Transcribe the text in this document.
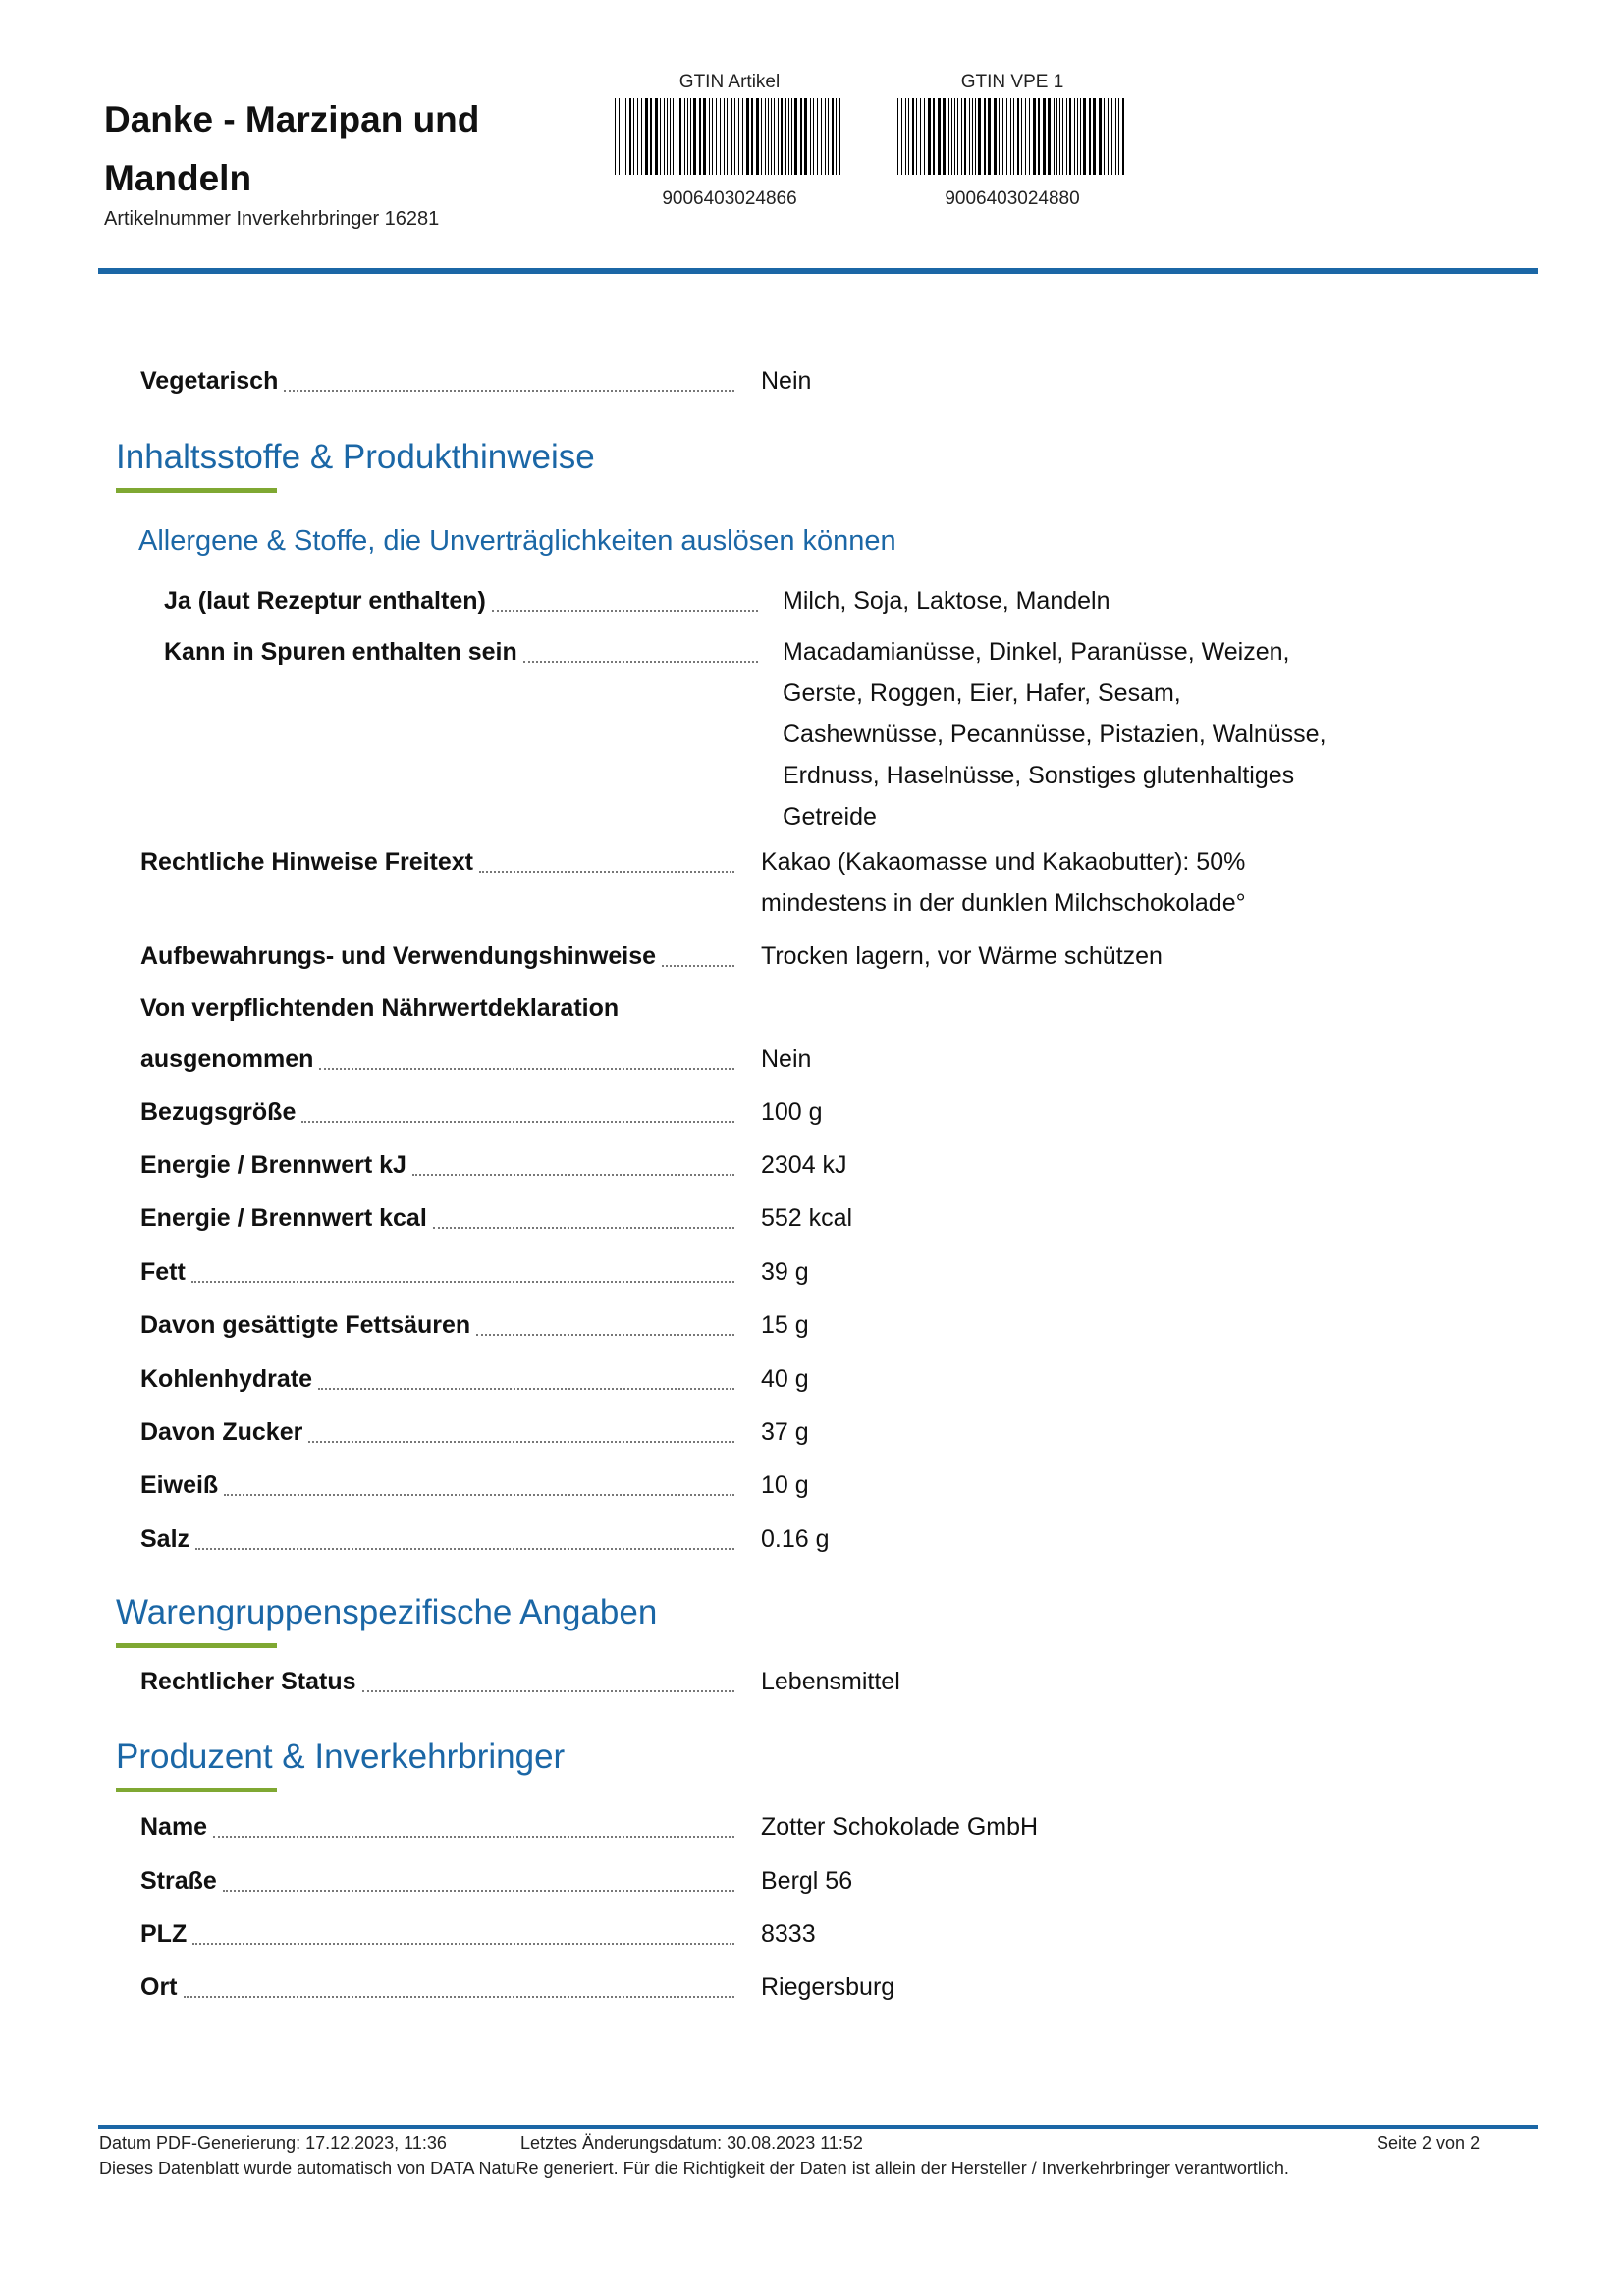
Danke - Marzipan und Mandeln
Artikelnummer Inverkehrbringer 16281
GTIN Artikel
9006403024866
GTIN VPE 1
9006403024880
Vegetarisch	Nein
Inhaltsstoffe & Produkthinweise
Allergene & Stoffe, die Unverträglichkeiten auslösen können
Ja (laut Rezeptur enthalten)	Milch, Soja, Laktose, Mandeln
Kann in Spuren enthalten sein	Macadamianüsse, Dinkel, Paranüsse, Weizen, Gerste, Roggen, Eier, Hafer, Sesam, Cashewnüsse, Pecannüsse, Pistazien, Walnüsse, Erdnuss, Haselnüsse, Sonstiges glutenhaltiges Getreide
Rechtliche Hinweise Freitext	Kakao (Kakaomasse und Kakaobutter): 50% mindestens in der dunklen Milchschokolade°
Aufbewahrungs- und Verwendungshinweise	Trocken lagern, vor Wärme schützen
Von verpflichtenden Nährwertdeklaration
ausgenommen	Nein
Bezugsgröße	100 g
Energie / Brennwert kJ	2304 kJ
Energie / Brennwert kcal	552 kcal
Fett	39 g
Davon gesättigte Fettsäuren	15 g
Kohlenhydrate	40 g
Davon Zucker	37 g
Eiweiß	10 g
Salz	0.16 g
Warengruppenspezifische Angaben
Rechtlicher Status	Lebensmittel
Produzent & Inverkehrbringer
Name	Zotter Schokolade GmbH
Straße	Bergl 56
PLZ	8333
Ort	Riegersburg
Datum PDF-Generierung: 17.12.2023, 11:36	Letztes Änderungsdatum: 30.08.2023 11:52	Seite 2 von 2
Dieses Datenblatt wurde automatisch von DATA NatuRe generiert. Für die Richtigkeit der Daten ist allein der Hersteller / Inverkehrbringer verantwortlich.
